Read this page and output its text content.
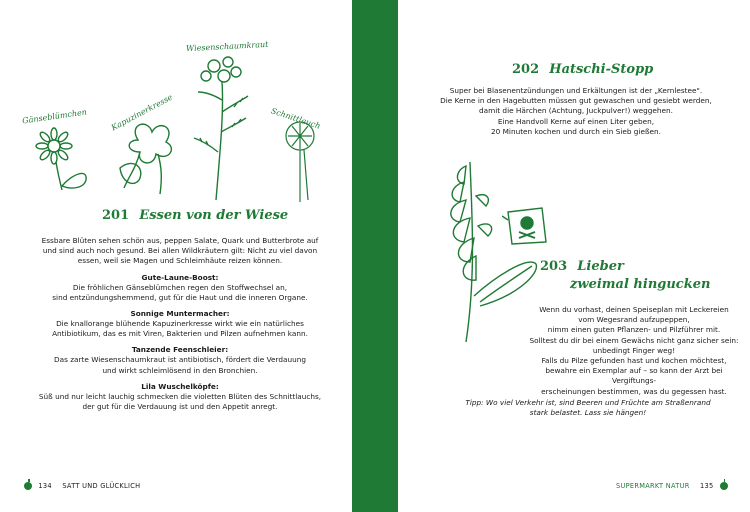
Gänseblümchen	Kapuzinerkresse
Wiesenschaumkraut
Schnittlauch
201 Essen von der Wiese

Essbare Blüten sehen schön aus, peppen Salate, Quark und Butterbrote auf

und sind auch noch gesund. Bei allen Wildkräutern gilt: Nicht zu viel davon

essen, weil sie Magen und Schleimhäute reizen können.

Gute-Laune-Boost:

Die fröhlichen Gänseblümchen regen den Stoffwechsel an,

sind entzündungshemmend, gut für die Haut und die inneren Organe.

Sonnige Muntermacher:

Die knallorange blühende Kapuzinerkresse wirkt wie ein natürliches

Antibiotikum, das es mit Viren, Bakterien und Pilzen aufnehmen kann.

Tanzende Feenschleier:

Das zarte Wiesenschaumkraut ist antibiotisch, fördert die Verdauung

und wirkt schleimlösend in den Bronchien.

Lila Wuschelköpfe:

Süß und nur leicht lauchig schmecken die violetten Blüten des Schnittlauchs,

der gut für die Verdauung ist und den Appetit anregt.

134 SATT UND GLÜCKLICH
202 Hatschi-Stopp

Super bei Blasenentzündungen und Erkältungen ist der „Kernlestee".

Die Kerne in den Hagebutten müssen gut gewaschen und gesiebt werden,

damit die Härchen (Achtung, Juckpulver!) weggehen.

Eine Handvoll Kerne auf einen Liter geben,

20 Minuten kochen und durch ein Sieb gießen.

203 Lieber
zweimal hingucken

Wenn du vorhast, deinen Speiseplan mit Leckereien

vom Wegesrand aufzupeppen,

nimm einen guten Pflanzen- und Pilzführer mit.

Solltest du dir bei einem Gewächs nicht ganz sicher sein:

unbedingt Finger weg!

Falls du Pilze gefunden hast und kochen möchtest,

bewahre ein Exemplar auf – so kann der Arzt bei Vergiftungs-

erscheinungen bestimmen, was du gegessen hast.

Tipp: Wo viel Verkehr ist, sind Beeren und Früchte am Straßenrand
stark belastet. Lass sie hängen!
SUPERMARKT NATUR 135
